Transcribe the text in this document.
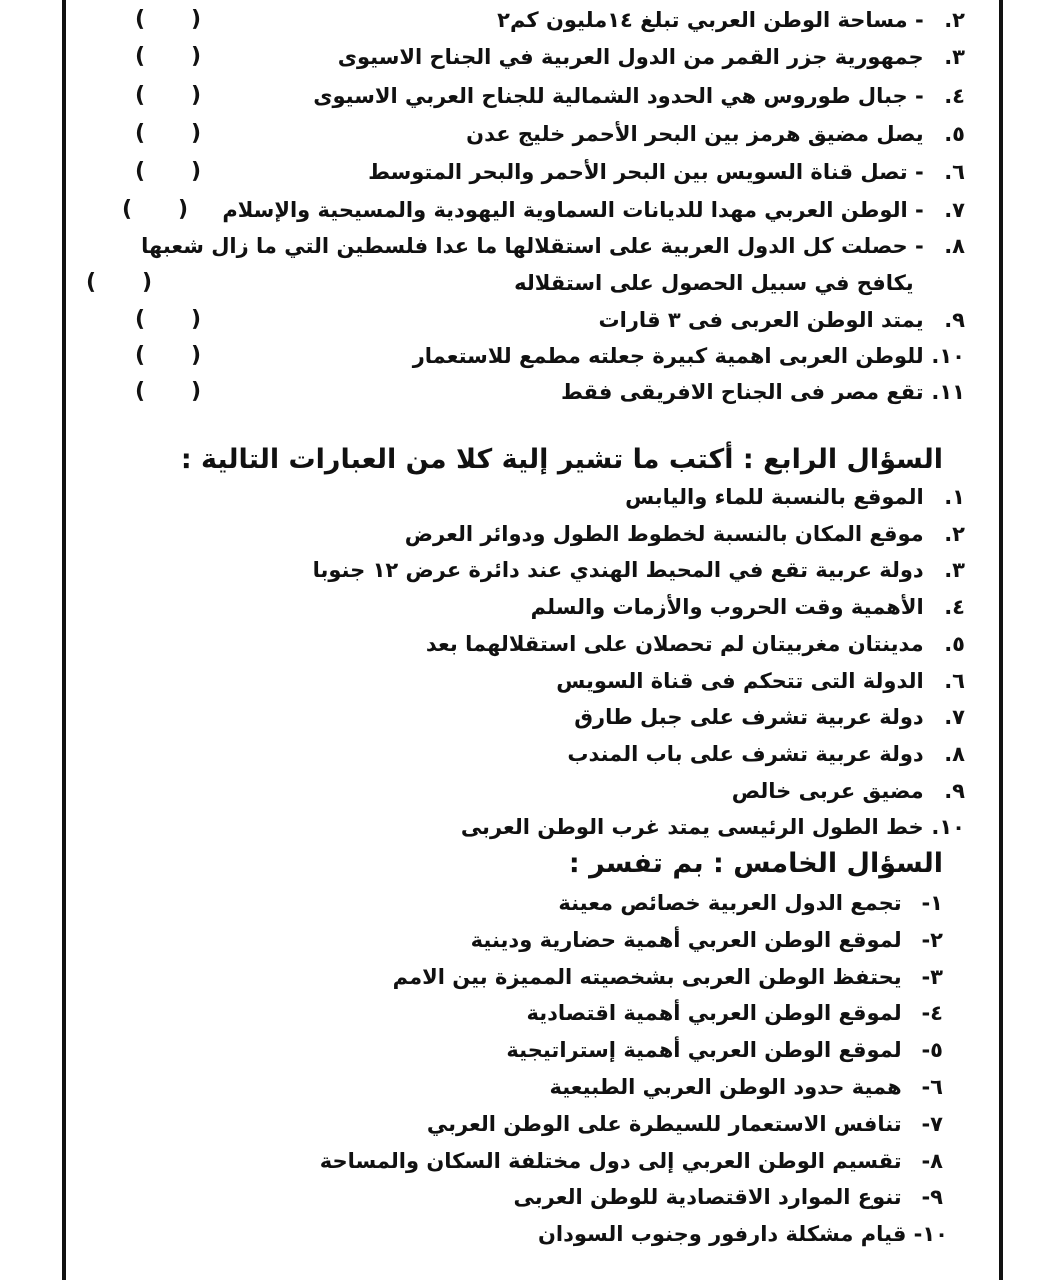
٢. - مساحة الوطن العربي تبلغ ١٤مليون كم٢
(      )
٣. جمهورية جزر القمر من الدول العربية في الجناح الاسيوى
(      )
٤. - جبال طوروس هي الحدود الشمالية للجناح العربي الاسيوى
(      )
٥. يصل مضيق هرمز بين البحر الأحمر خليج عدن
(      )
٦. - تصل قناة السويس بين البحر الأحمر والبحر المتوسط
(      )
٧. - الوطن العربي مهدا للديانات السماوية اليهودية والمسيحية والإسلام
(      )
٨. - حصلت كل الدول العربية على استقلالها ما عدا فلسطين التي ما زال شعبها
يكافح في سبيل الحصول على استقلاله
(      )
٩. يمتد الوطن العربى فى ٣ قارات
(      )
١٠. للوطن العربى اهمية كبيرة جعلته مطمع للاستعمار
(      )
١١. تقع مصر فى الجناح الافريقى فقط
(      )
السؤال الرابع : أكتب ما تشير إلية كلا من العبارات التالية :
١. الموقع بالنسبة للماء واليابس
٢. موقع المكان بالنسبة لخطوط الطول ودوائر العرض
٣. دولة عربية تقع في المحيط الهندي عند دائرة عرض ١٢ جنوبا
٤. الأهمية وقت الحروب والأزمات والسلم
٥. مدينتان مغربيتان لم تحصلان على استقلالهما بعد
٦. الدولة التى تتحكم فى قناة السويس
٧. دولة عربية تشرف على جبل طارق
٨. دولة عربية تشرف على باب المندب
٩. مضيق عربى خالص
١٠. خط الطول الرئيسى يمتد غرب الوطن العربى
السؤال الخامس : بم تفسر :
١- تجمع الدول العربية خصائص معينة
٢- لموقع الوطن العربي أهمية حضارية ودينية
٣- يحتفظ الوطن العربى بشخصيته المميزة بين الامم
٤- لموقع الوطن العربي أهمية اقتصادية
٥- لموقع الوطن العربي أهمية إستراتيجية
٦- همية حدود الوطن العربي الطبيعية
٧- تنافس الاستعمار للسيطرة على الوطن العربي
٨- تقسيم الوطن العربي إلى دول مختلفة السكان والمساحة
٩- تنوع الموارد الاقتصادية للوطن العربى
١٠- قيام مشكلة دارفور وجنوب السودان
